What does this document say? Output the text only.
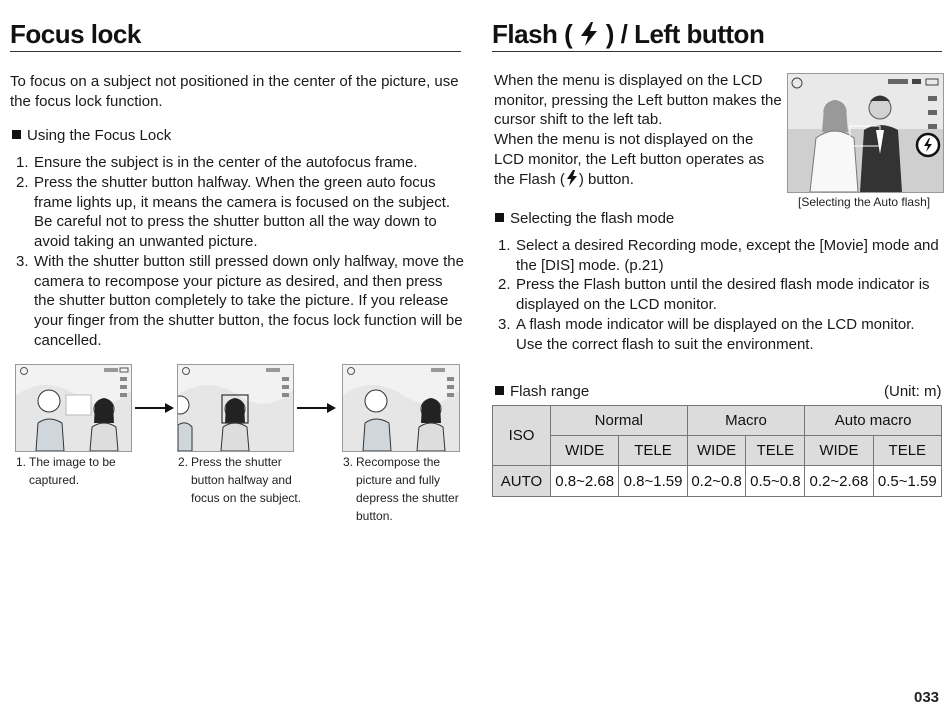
Focus lock
To focus on a subject not positioned in the center of the picture, use
the focus lock function.
Using the Focus Lock
1. Ensure the subject is in the center of the autofocus frame.
2. Press the shutter button halfway. When the green auto focus
frame lights up, it means the camera is focused on the subject.
Be careful not to press the shutter button all the way down to
avoid taking an unwanted picture.
3. With the shutter button still pressed down only halfway, move the
camera to recompose your picture as desired, and then press
the shutter button completely to take the picture. If you release
your finger from the shutter button, the focus lock function will be
cancelled.
1. The image to be
captured.
2. Press the shutter
button halfway and
focus on the subject.
3. Recompose the
picture and fully
depress the shutter
button.
Flash ( ) / Left button
When the menu is displayed on the LCD
monitor, pressing the Left button makes the
cursor shift to the left tab.
When the menu is not displayed on the
LCD monitor, the Left button operates as
the Flash ( ) button.
[Selecting the Auto flash]
Selecting the flash mode
1. Select a desired Recording mode, except the [Movie] mode and
the [DIS] mode. (p.21)
2. Press the Flash button until the desired flash mode indicator is
displayed on the LCD monitor.
3. A flash mode indicator will be displayed on the LCD monitor.
Use the correct flash to suit the environment.
Flash range	(Unit: m)
ISO	Normal		Macro		Auto macro	
	WIDE	TELE	WIDE	TELE	WIDE	TELE
AUTO	0.8~2.68	0.8~1.59	0.2~0.8	0.5~0.8	0.2~2.68	0.5~1.59
033
